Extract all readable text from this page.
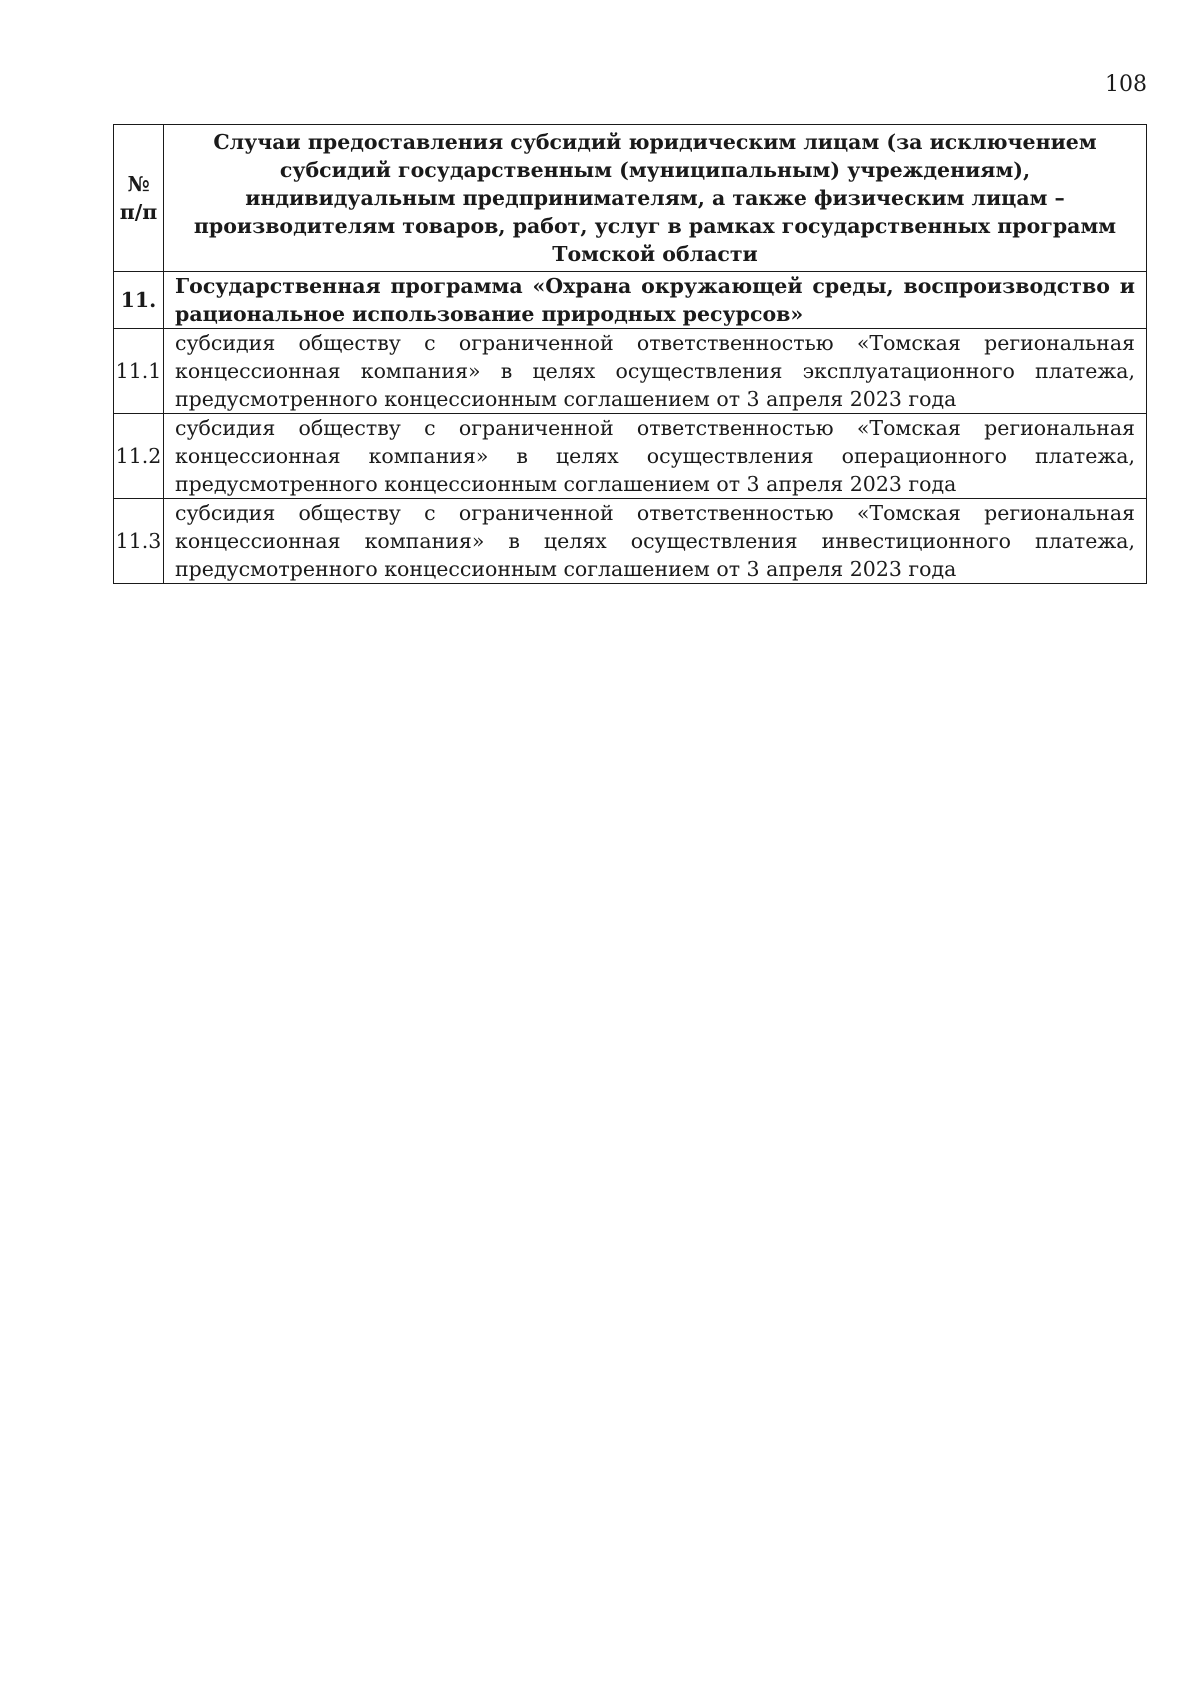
108
№
п/п	Случаи предоставления субсидий юридическим лицам (за исключением субсидий государственным (муниципальным) учреждениям), индивидуальным предпринимателям, а также физическим лицам – производителям товаров, работ, услуг в рамках государственных программ Томской области
11.	Государственная программа «Охрана окружающей среды, воспроизводство и рациональное использование природных ресурсов»
11.1	субсидия обществу с ограниченной ответственностью «Томская региональная концессионная компания» в целях осуществления эксплуатационного платежа, предусмотренного концессионным соглашением от 3 апреля 2023 года
11.2	субсидия обществу с ограниченной ответственностью «Томская региональная концессионная компания» в целях осуществления операционного платежа, предусмотренного концессионным соглашением от 3 апреля 2023 года
11.3	субсидия обществу с ограниченной ответственностью «Томская региональная концессионная компания» в целях осуществления инвестиционного платежа, предусмотренного концессионным соглашением от 3 апреля 2023 года
